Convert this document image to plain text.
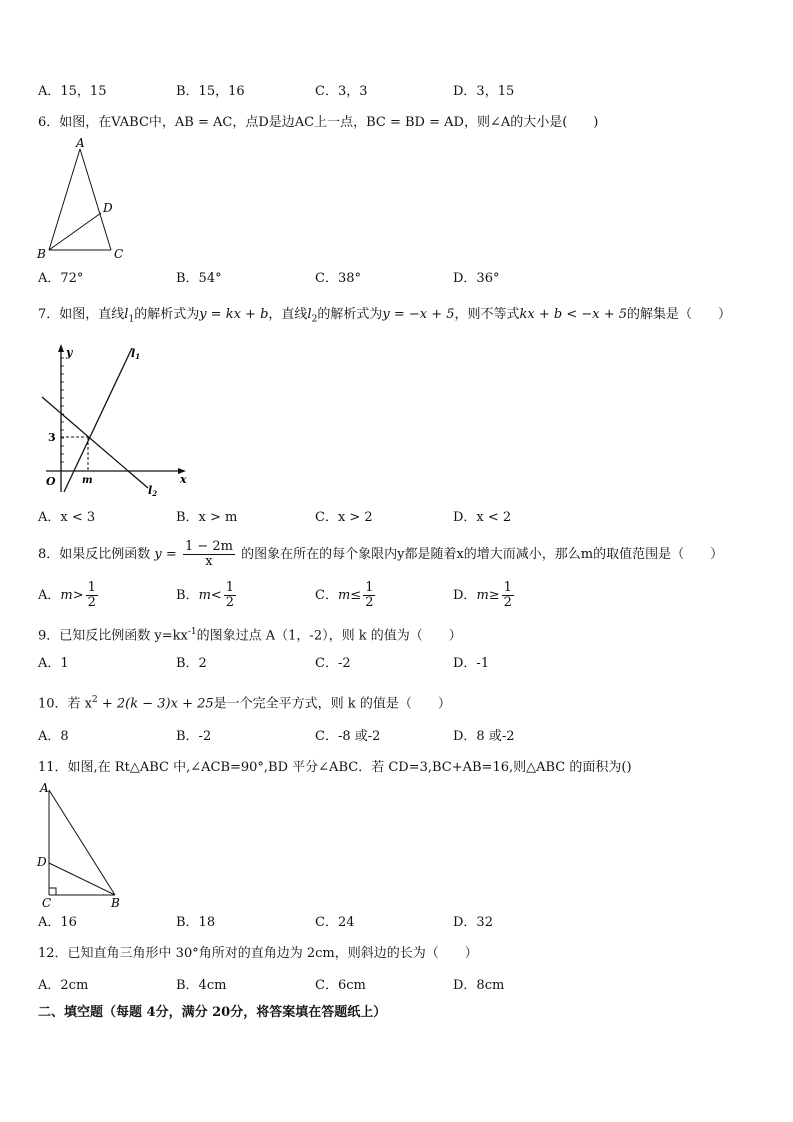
A．15，15	B．15，16	C．3，3	D．3，15
6．如图，在VABC中，AB = AC，点D是边AC上一点，BC = BD = AD，则∠A的大小是(　　)
A
B	C
D
A．72°	B．54°	C．38°	D．36°
7．如图，直线$l_1$的解析式为y = kx + b，直线$l_2$的解析式为y = −x + 5，则不等式kx + b < −x + 5的解集是（　　）
y
x
O
3
m
l1
l2
A．x < 3	B．x > m	C．x > 2	D．x < 2
8．如果反比例函数 $y = \frac{1 - 2m}{x}$ 的图象在所在的每个象限内y都是随着x的增大而减小，那么m的取值范围是（　　）
A．$m> \frac{1}{2}$	B．$m< \frac{1}{2}$	C．$m\le \frac{1}{2}$	D．$m\ge \frac{1}{2}$
9．已知反比例函数 $y=kx^{-1}$的图象过点 A（1，-2），则 k 的值为（　　）
A．1	B．2	C．-2	D．-1
10．若 $x^2 + 2(k - 3)x + 25$是一个完全平方式，则 k 的值是（　　）
A．8	B．-2	C．-8 或-2	D．8 或-2
11．如图,在 Rt△ABC 中,∠ACB=90°,BD 平分∠ABC．若 CD=3,BC+AB=16,则△ABC 的面积为()
A
D
C	B
A．16	B．18	C．24	D．32
12．已知直角三角形中 30°角所对的直角边为 2cm，则斜边的长为（　　）
A．2cm	B．4cm	C．6cm	D．8cm
二、填空题（每题 4分，满分 20分，将答案填在答题纸上）
